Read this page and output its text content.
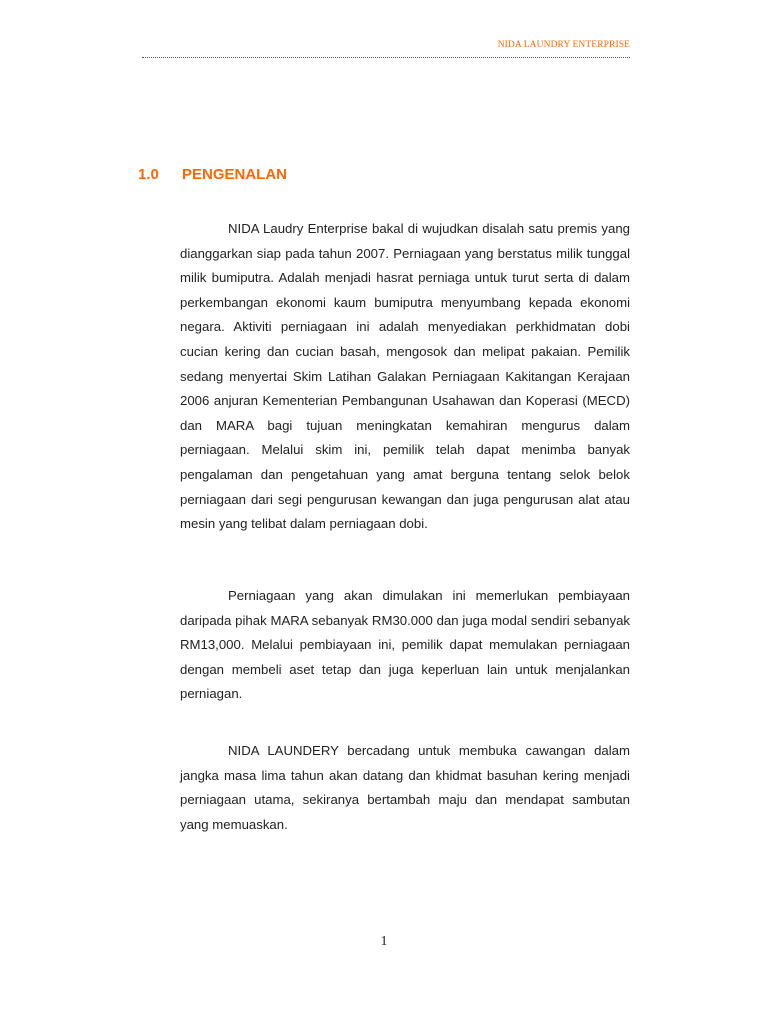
NIDA LAUNDRY ENTERPRISE
1.0 PENGENALAN

NIDA Laudry Enterprise bakal di wujudkan disalah satu premis yang dianggarkan siap pada tahun 2007. Perniagaan yang berstatus milik tunggal milik bumiputra. Adalah menjadi hasrat perniaga untuk turut serta di dalam perkembangan ekonomi kaum bumiputra menyumbang kepada ekonomi negara. Aktiviti perniagaan ini adalah menyediakan perkhidmatan dobi cucian kering dan cucian basah, mengosok dan melipat pakaian. Pemilik sedang menyertai Skim Latihan Galakan Perniagaan Kakitangan Kerajaan 2006 anjuran Kementerian Pembangunan Usahawan dan Koperasi (MECD) dan MARA bagi tujuan meningkatan kemahiran mengurus dalam perniagaan. Melalui skim ini, pemilik telah dapat menimba banyak pengalaman dan pengetahuan yang amat berguna tentang selok belok perniagaan dari segi pengurusan kewangan dan juga pengurusan alat atau mesin yang telibat dalam perniagaan dobi.

Perniagaan yang akan dimulakan ini memerlukan pembiayaan daripada pihak MARA sebanyak RM30.000 dan juga modal sendiri sebanyak RM13,000. Melalui pembiayaan ini, pemilik dapat memulakan perniagaan dengan membeli aset tetap dan juga keperluan lain untuk menjalankan perniagan.

NIDA LAUNDERY bercadang untuk membuka cawangan dalam jangka masa lima tahun akan datang dan khidmat basuhan kering menjadi perniagaan utama, sekiranya bertambah maju dan mendapat sambutan yang memuaskan.

1
